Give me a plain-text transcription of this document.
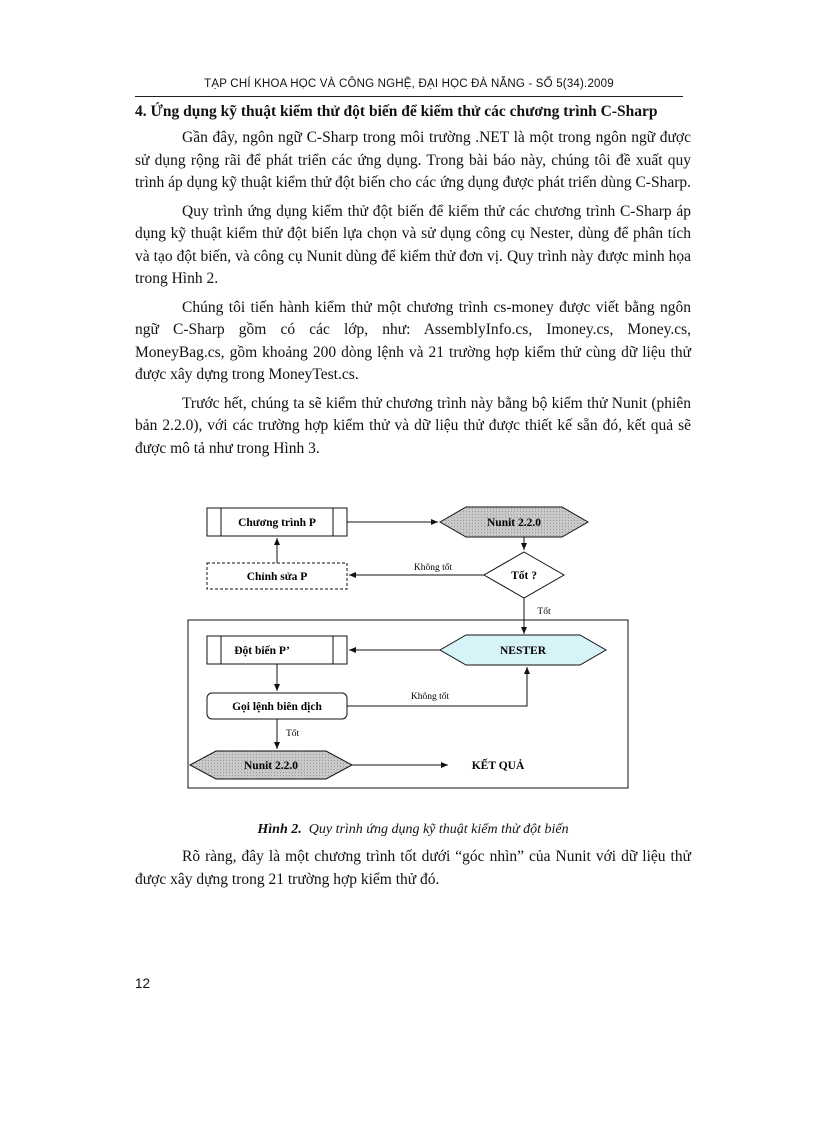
TẠP CHÍ KHOA HỌC VÀ CÔNG NGHỆ, ĐẠI HỌC ĐÀ NẴNG - SỐ 5(34).2009
4. Ứng dụng kỹ thuật kiểm thử đột biến để kiểm thử các chương trình C-Sharp

Gần đây, ngôn ngữ C-Sharp trong môi trường .NET là một trong ngôn ngữ được sử dụng rộng rãi để phát triển các ứng dụng. Trong bài báo này, chúng tôi đề xuất quy trình áp dụng kỹ thuật kiểm thử đột biến cho các ứng dụng được phát triển dùng C-Sharp.

Quy trình ứng dụng kiểm thử đột biến để kiểm thử các chương trình C-Sharp áp dụng kỹ thuật kiểm thử đột biến lựa chọn và sử dụng công cụ Nester, dùng để phân tích và tạo đột biến, và công cụ Nunit dùng để kiểm thử đơn vị. Quy trình này được minh họa trong Hình 2.

Chúng tôi tiến hành kiểm thử một chương trình cs-money được viết bằng ngôn ngữ C-Sharp gồm có các lớp, như: AssemblyInfo.cs, Imoney.cs, Money.cs, MoneyBag.cs, gồm khoảng 200 dòng lệnh và 21 trường hợp kiểm thử cùng dữ liệu thử được xây dựng trong MoneyTest.cs.

Trước hết, chúng ta sẽ kiểm thử chương trình này bằng bộ kiểm thử Nunit (phiên bản 2.2.0), với các trường hợp kiểm thử và dữ liệu thử được thiết kế sẵn đó, kết quả sẽ được mô tả như trong Hình 3.

Chương trình P	Nunit 2.2.0
Tốt ?
Chỉnh sửa P
Không tốt
Tốt
Đột biến P’	NESTER
Gọi lệnh biên dịch
Không tốt
Tốt
Nunit 2.2.0	KẾT QUẢ
Hình 2. Quy trình ứng dụng kỹ thuật kiểm thử đột biến

Rõ ràng, đây là một chương trình tốt dưới “góc nhìn” của Nunit với dữ liệu thử được xây dựng trong 21 trường hợp kiểm thử đó.

12
